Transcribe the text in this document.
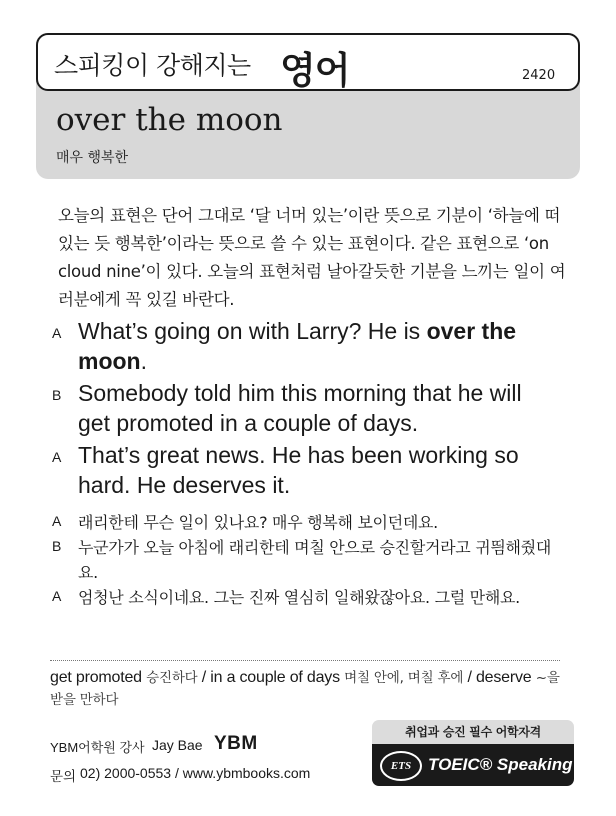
스피킹이 강해지는 영어	2420
over the moon
매우 행복한
오늘의 표현은 단어 그대로 ‘달 너머 있는’이란 뜻으로 기분이 ‘하늘에 떠 있는 듯 행복한’이라는 뜻으로 쓸 수 있는 표현이다. 같은 표현으로 ‘on cloud nine’이 있다. 오늘의 표현처럼 날아갈듯한 기분을 느끼는 일이 여러분에게 꼭 있길 바란다.
A What’s going on with Larry? He is over the moon.
B Somebody told him this morning that he will get promoted in a couple of days.
A That’s great news. He has been working so hard. He deserves it.
A 래리한테 무슨 일이 있나요? 매우 행복해 보이던데요.
B 누군가가 오늘 아침에 래리한테 며칠 안으로 승진할거라고 귀띔해줬대요.
A 엄청난 소식이네요. 그는 진짜 열심히 일해왔잖아요. 그럴 만해요.
get promoted 승진하다 / in a couple of days 며칠 안에, 며칠 후에 / deserve ~을 받을 만하다
YBM어학원 강사 Jay Bae YBM
문의 02) 2000-0553 / www.ybmbooks.com
취업과 승진 필수 어학자격
ETS TOEIC® Speaking
